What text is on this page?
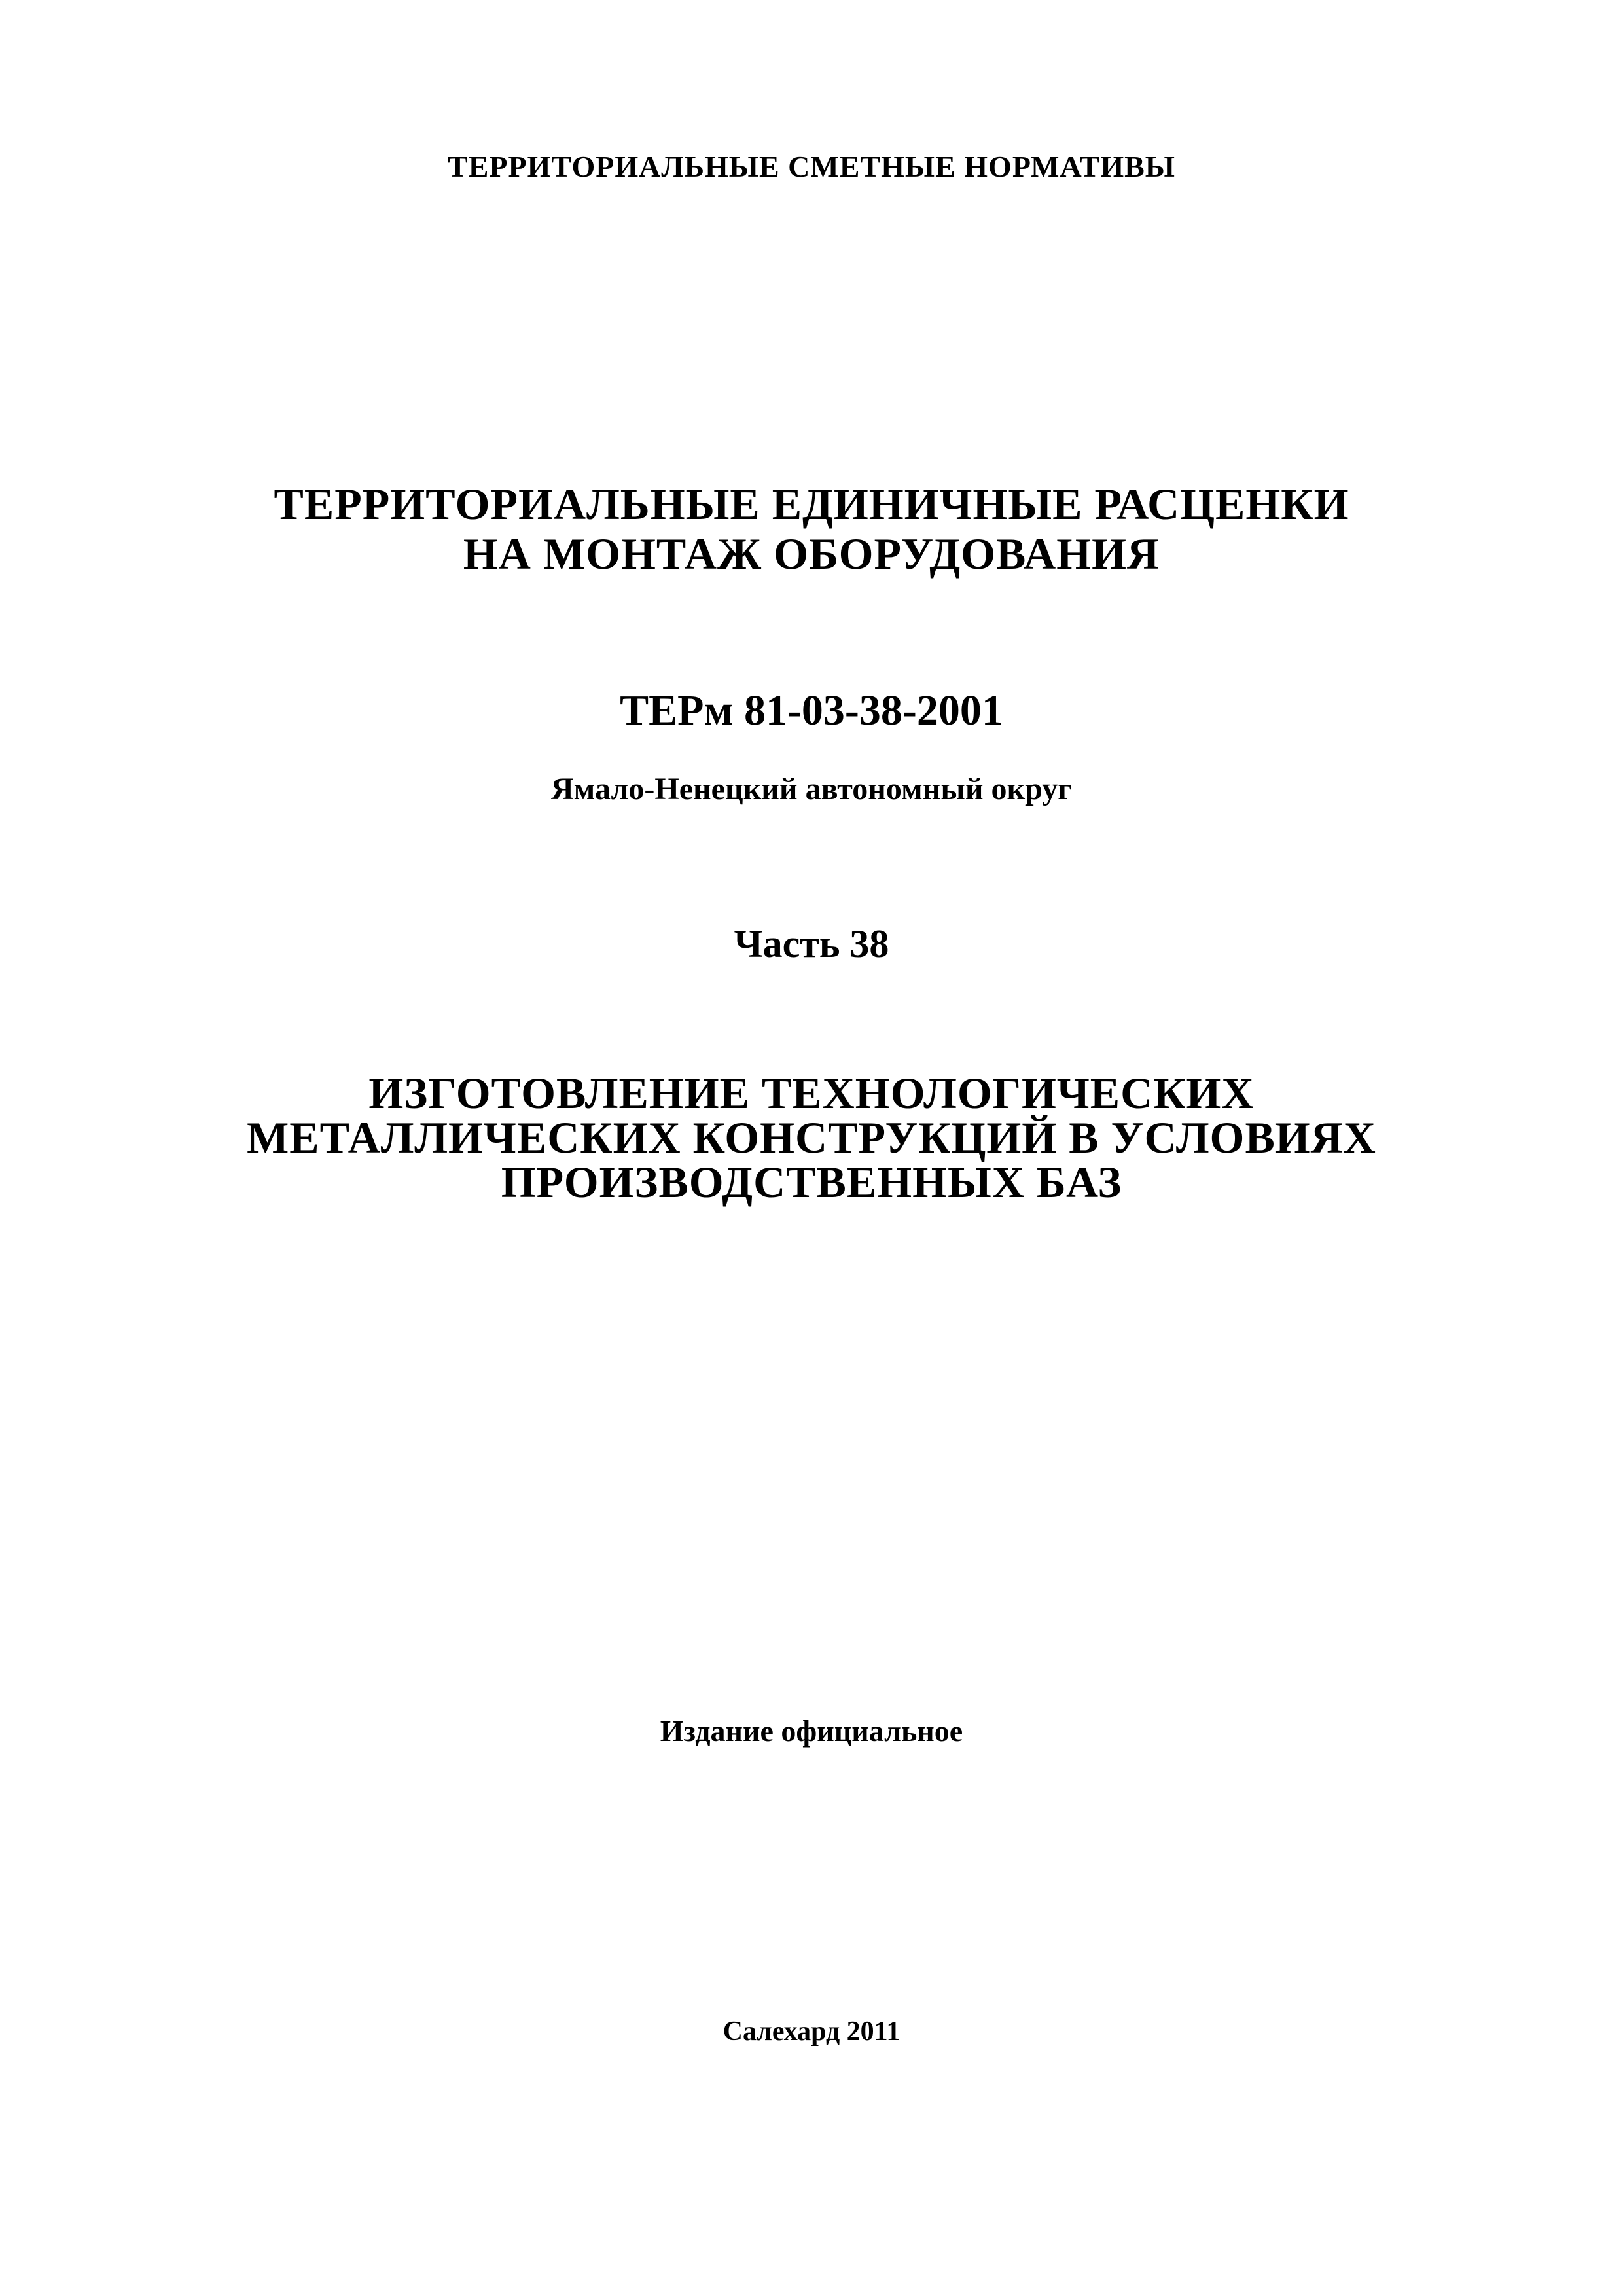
ТЕРРИТОРИАЛЬНЫЕ СМЕТНЫЕ НОРМАТИВЫ

ТЕРРИТОРИАЛЬНЫЕ ЕДИНИЧНЫЕ РАСЦЕНКИ
НА МОНТАЖ ОБОРУДОВАНИЯ

ТЕРм 81-03-38-2001

Ямало-Ненецкий автономный округ

Часть 38

ИЗГОТОВЛЕНИЕ ТЕХНОЛОГИЧЕСКИХ
МЕТАЛЛИЧЕСКИХ КОНСТРУКЦИЙ В УСЛОВИЯХ
ПРОИЗВОДСТВЕННЫХ БАЗ

Издание официальное

Салехард 2011
